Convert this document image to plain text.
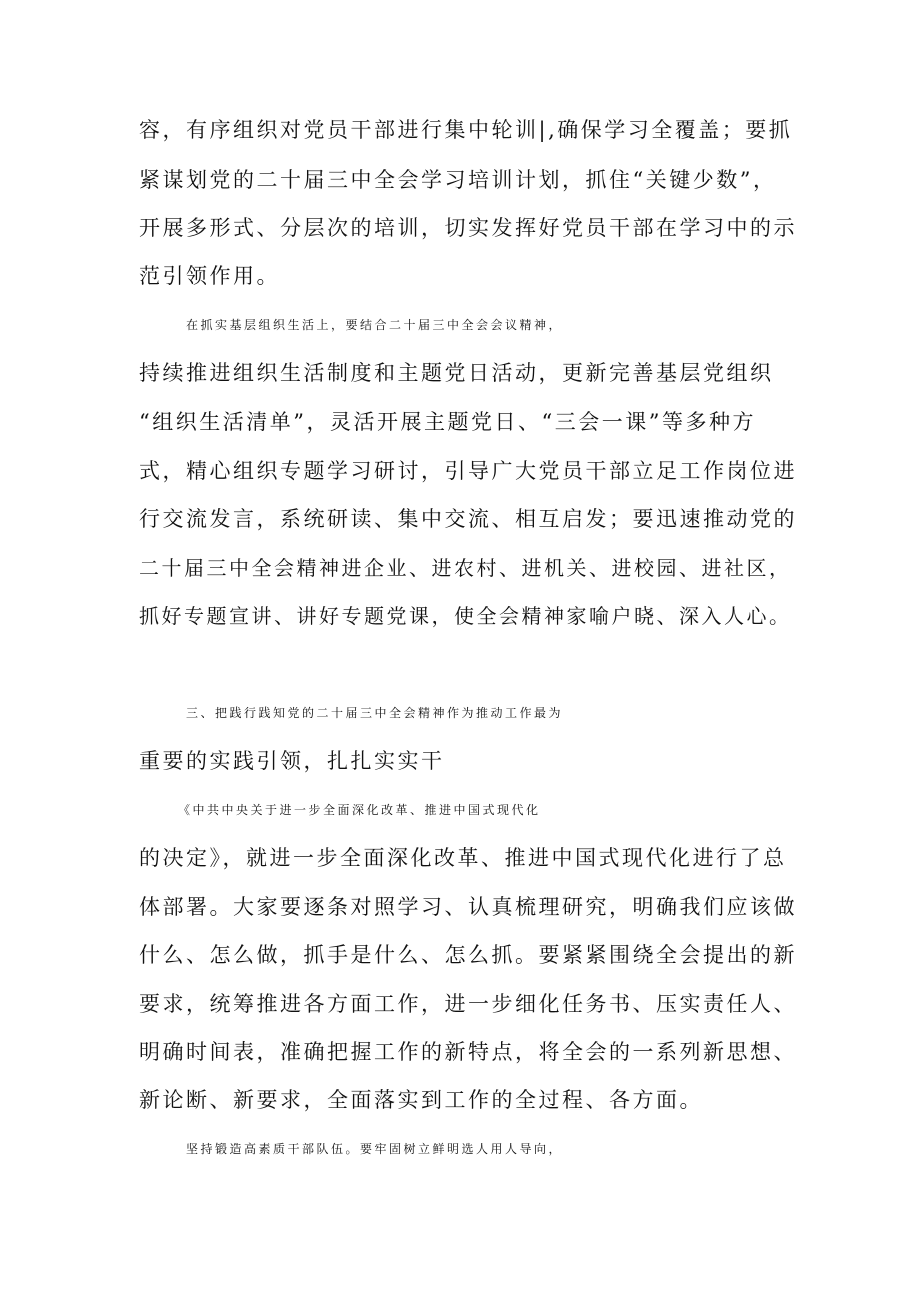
容，有序组织对党员干部进行集中轮训|,确保学习全覆盖；要抓
紧谋划党的二十届三中全会学习培训计划，抓住“关键少数”，
开展多形式、分层次的培训，切实发挥好党员干部在学习中的示
范引领作用。
在抓实基层组织生活上，要结合二十届三中全会会议精神，
持续推进组织生活制度和主题党日活动，更新完善基层党组织
“组织生活清单”，灵活开展主题党日、“三会一课”等多种方
式，精心组织专题学习研讨，引导广大党员干部立足工作岗位进
行交流发言，系统研读、集中交流、相互启发；要迅速推动党的
二十届三中全会精神进企业、进农村、进机关、进校园、进社区，
抓好专题宣讲、讲好专题党课，使全会精神家喻户晓、深入人心。
三、把践行践知党的二十届三中全会精神作为推动工作最为
重要的实践引领，扎扎实实干
《中共中央关于进一步全面深化改革、推进中国式现代化
的决定》，就进一步全面深化改革、推进中国式现代化进行了总
体部署。大家要逐条对照学习、认真梳理研究，明确我们应该做
什么、怎么做，抓手是什么、怎么抓。要紧紧围绕全会提出的新
要求，统筹推进各方面工作，进一步细化任务书、压实责任人、
明确时间表，准确把握工作的新特点，将全会的一系列新思想、
新论断、新要求，全面落实到工作的全过程、各方面。
坚持锻造高素质干部队伍。要牢固树立鲜明选人用人导向，
